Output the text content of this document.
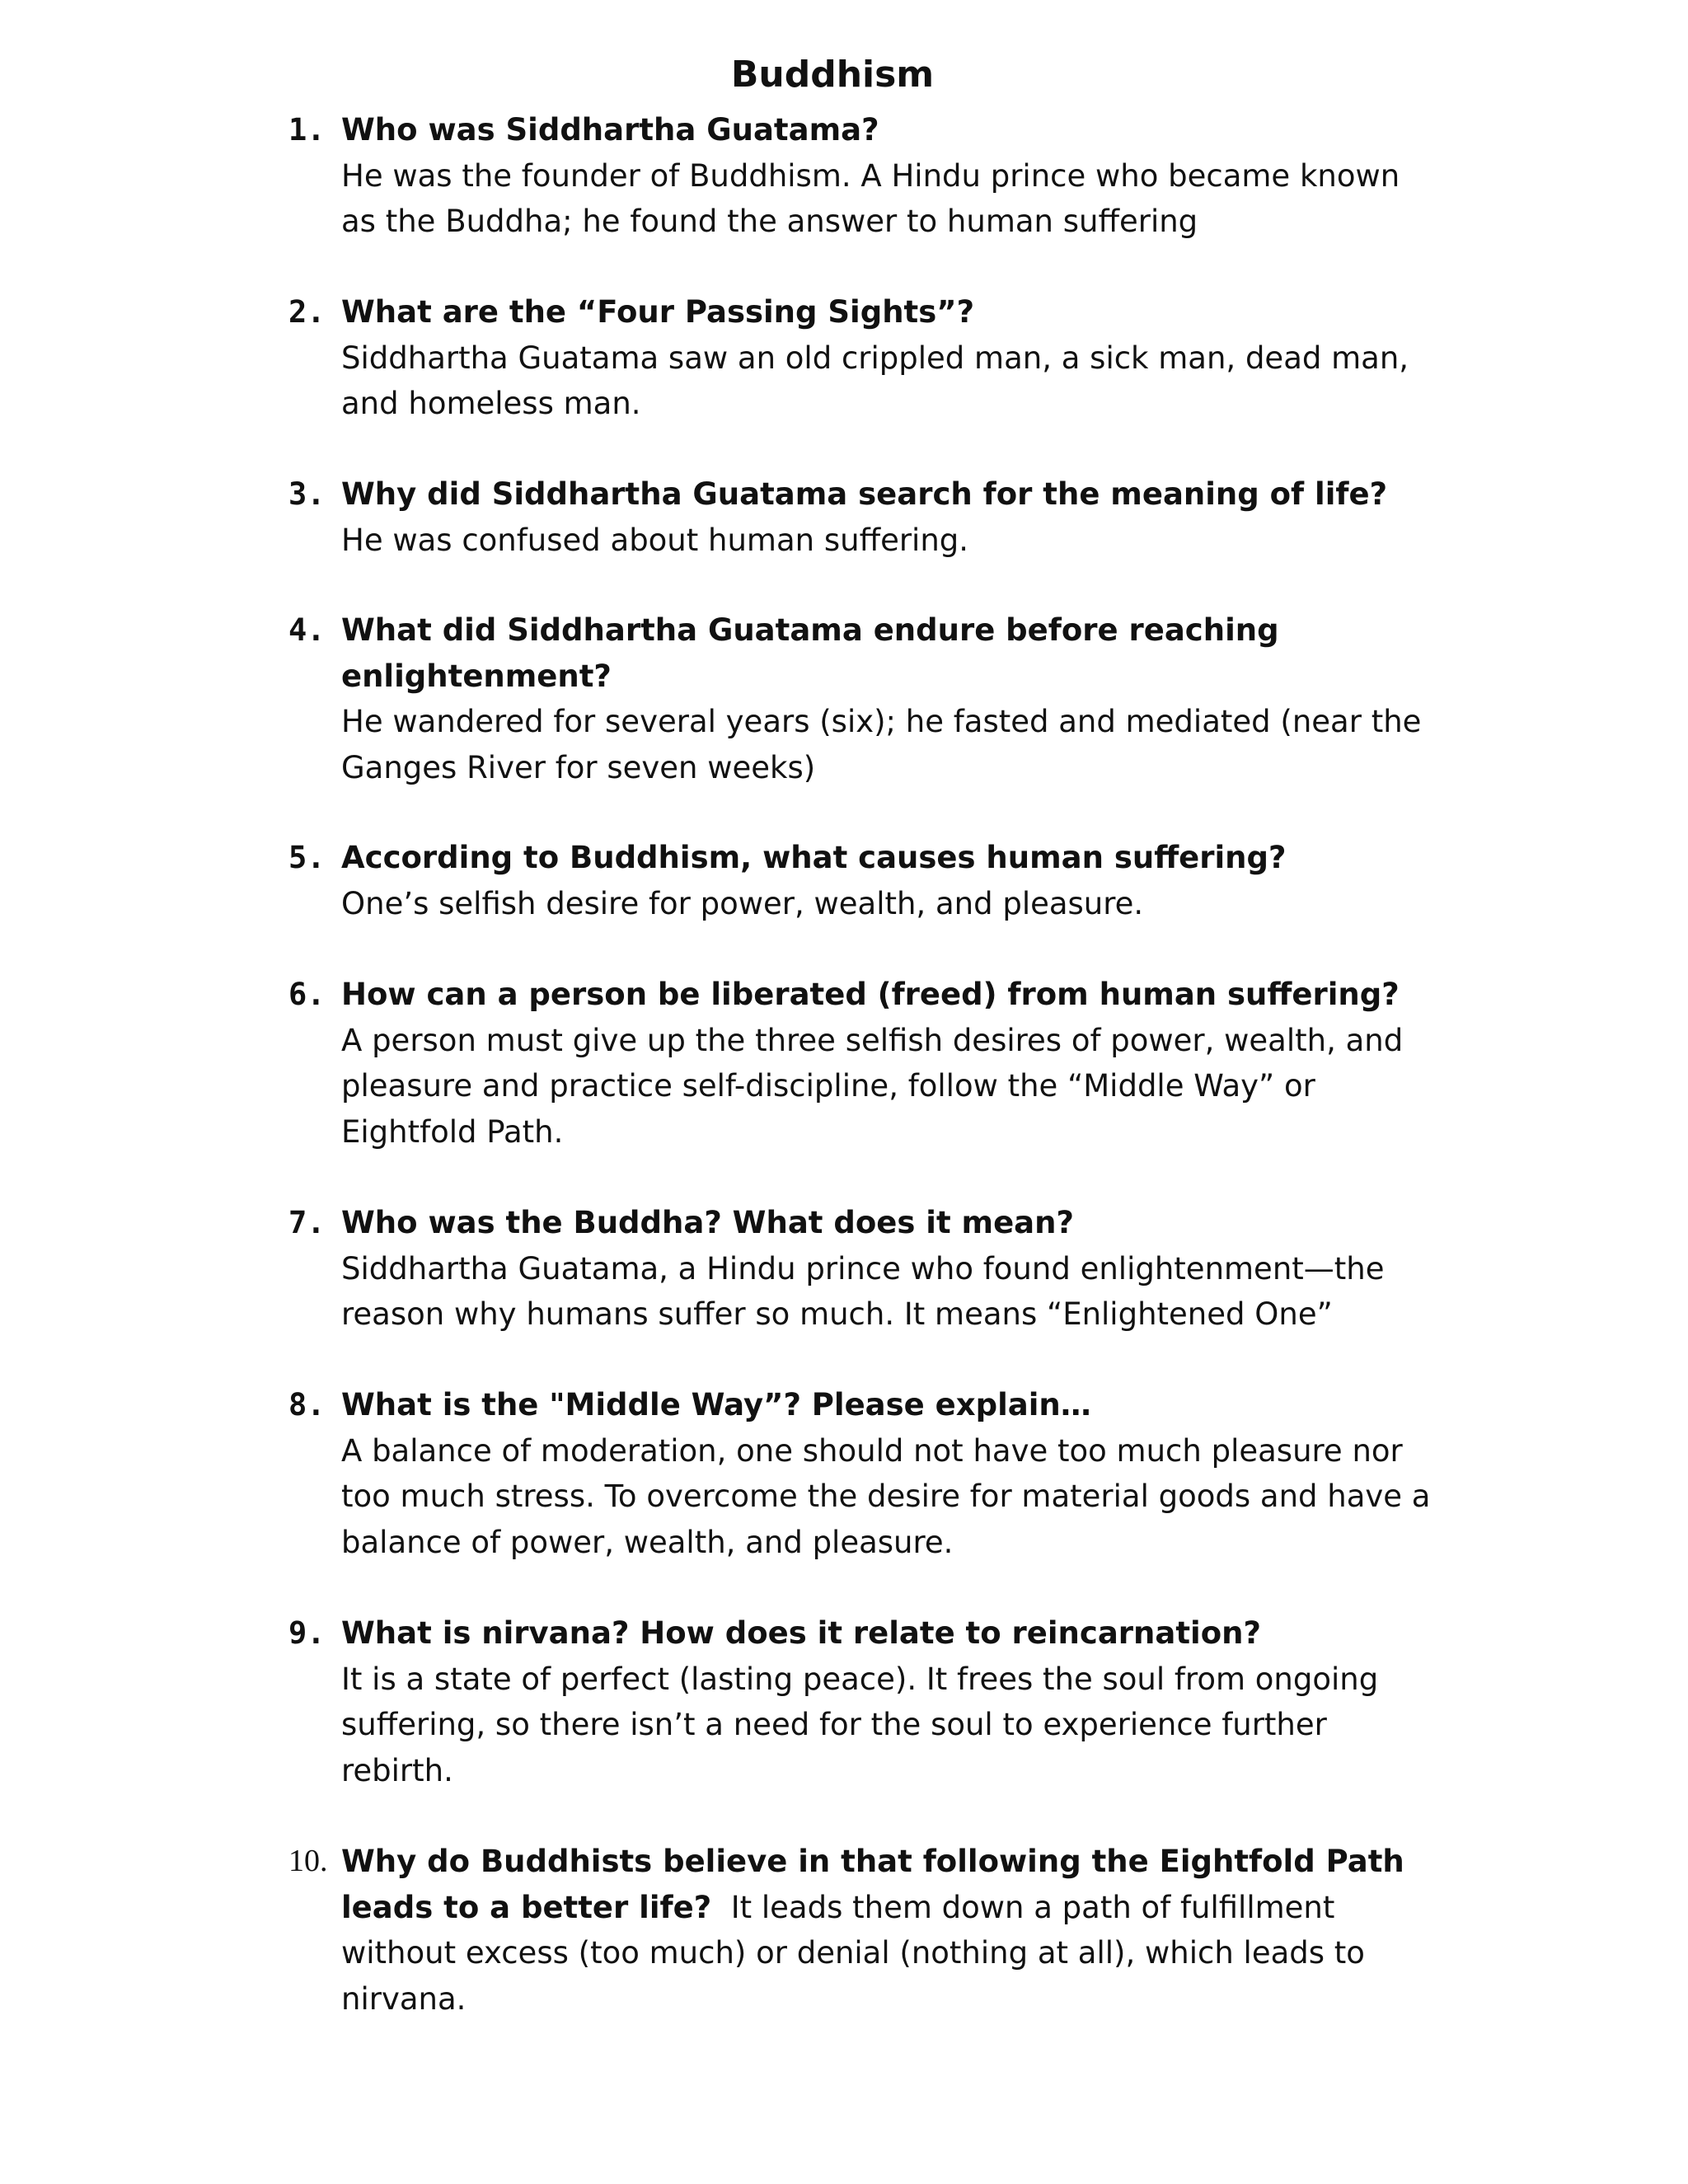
Buddhism
1. Who was Siddhartha Guatama?
He was the founder of Buddhism. A Hindu prince who became known as the Buddha; he found the answer to human suffering
2. What are the “Four Passing Sights”?
Siddhartha Guatama saw an old crippled man, a sick man, dead man, and homeless man.
3. Why did Siddhartha Guatama search for the meaning of life?
He was confused about human suffering.
4. What did Siddhartha Guatama endure before reaching enlightenment?
He wandered for several years (six); he fasted and mediated (near the Ganges River for seven weeks)
5. According to Buddhism, what causes human suffering?
One’s selfish desire for power, wealth, and pleasure.
6. How can a person be liberated (freed) from human suffering?
A person must give up the three selfish desires of power, wealth, and pleasure and practice self-discipline, follow the “Middle Way” or Eightfold Path.
7. Who was the Buddha? What does it mean?
Siddhartha Guatama, a Hindu prince who found enlightenment—the reason why humans suffer so much. It means “Enlightened One”
8. What is the "Middle Way”? Please explain…
A balance of moderation, one should not have too much pleasure nor too much stress. To overcome the desire for material goods and have a balance of power, wealth, and pleasure.
9. What is nirvana? How does it relate to reincarnation?
It is a state of perfect (lasting peace). It frees the soul from ongoing suffering, so there isn’t a need for the soul to experience further rebirth.
10. Why do Buddhists believe in that following the Eightfold Path leads to a better life? It leads them down a path of fulfillment without excess (too much) or denial (nothing at all), which leads to nirvana.
